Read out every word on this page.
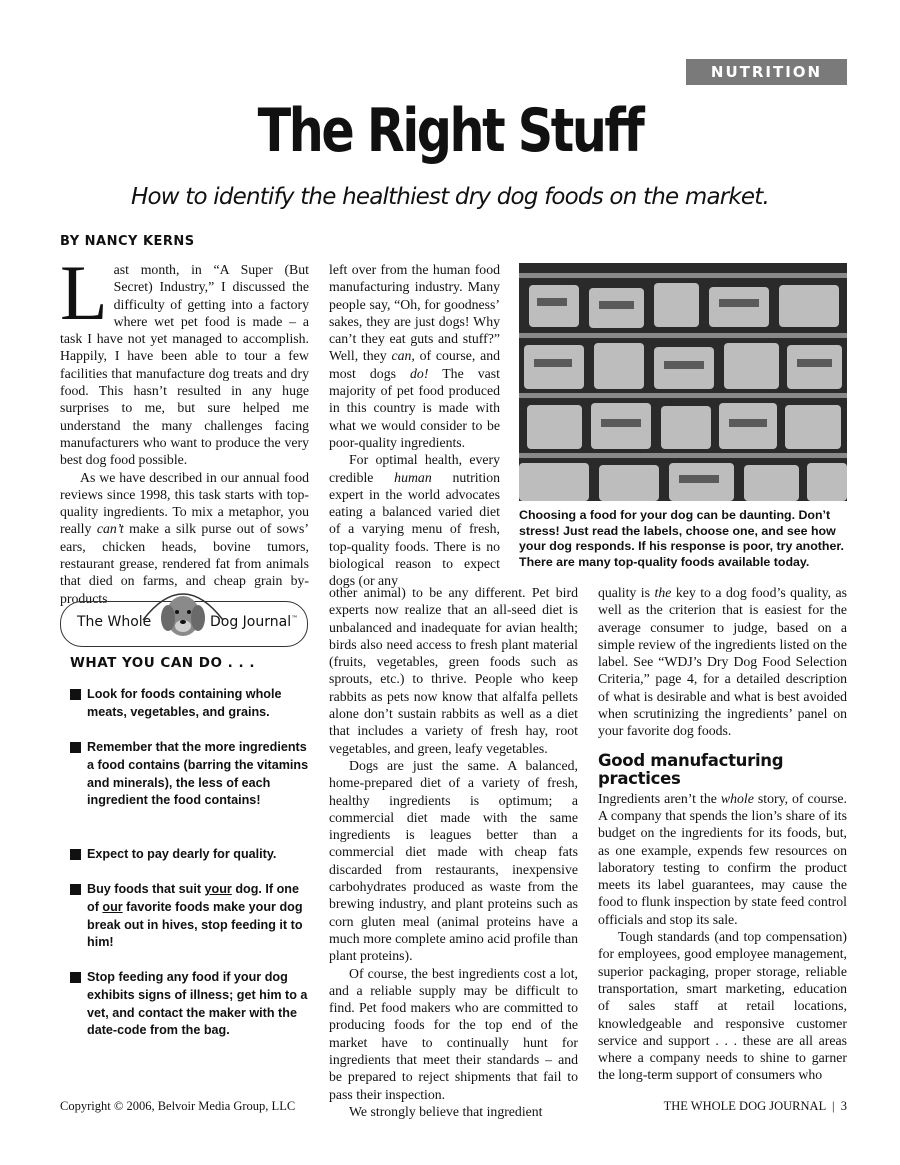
NUTRITION
The Right Stuff
How to identify the healthiest dry dog foods on the market.
BY NANCY KERNS

Last month, in “A Super (But Secret) Industry,” I discussed the difficulty of getting into a factory where wet pet food is made – a task I have not yet managed to accomplish. Happily, I have been able to tour a few facilities that manufacture dog treats and dry food. This hasn’t resulted in any huge surprises to me, but sure helped me understand the many challenges facing manufacturers who want to produce the very best dog food possible.

As we have described in our annual food reviews since 1998, this task starts with top-quality ingredients. To mix a metaphor, you really can’t make a silk purse out of sows’ ears, chicken heads, bovine tumors, restaurant grease, rendered fat from animals that died on farms, and cheap grain by-products

left over from the human food manufacturing industry. Many people say, “Oh, for goodness’ sakes, they are just dogs! Why can’t they eat guts and stuff?” Well, they can, of course, and most dogs do! The vast majority of pet food produced in this country is made with what we would consider to be poor-quality ingredients.

For optimal health, every credible human nutrition expert in the world advocates eating a balanced varied diet of a varying menu of fresh, top-quality foods. There is no biological reason to expect dogs (or any

Choosing a food for your dog can be daunting. Don’t stress! Just read the labels, choose one, and see how your dog responds. If his response is poor, try another. There are many top-quality foods available today.
The Whole	Dog Journal™
WHAT YOU CAN DO . . .
Look for foods containing whole meats, vegetables, and grains.
Remember that the more ingredients a food contains (barring the vitamins and minerals), the less of each ingredient the food contains!
Expect to pay dearly for quality.
Buy foods that suit your dog. If one of our favorite foods make your dog break out in hives, stop feeding it to him!
Stop feeding any food if your dog exhibits signs of illness; get him to a vet, and contact the maker with the date-code from the bag.

other animal) to be any different. Pet bird experts now realize that an all-seed diet is unbalanced and inadequate for avian health; birds also need access to fresh plant material (fruits, vegetables, green foods such as sprouts, etc.) to thrive. People who keep rabbits as pets now know that alfalfa pellets alone don’t sustain rabbits as well as a diet that includes a variety of fresh hay, root vegetables, and green, leafy vegetables.

Dogs are just the same. A balanced, home-prepared diet of a variety of fresh, healthy ingredients is optimum; a commercial diet made with the same ingredients is leagues better than a commercial diet made with cheap fats discarded from restaurants, inexpensive carbohydrates produced as waste from the brewing industry, and plant proteins such as corn gluten meal (animal proteins have a much more complete amino acid profile than plant proteins).

Of course, the best ingredients cost a lot, and a reliable supply may be difficult to find. Pet food makers who are committed to producing foods for the top end of the market have to continually hunt for ingredients that meet their standards – and be prepared to reject shipments that fail to pass their inspection.

We strongly believe that ingredient

quality is the key to a dog food’s quality, as well as the criterion that is easiest for the average consumer to judge, based on a simple review of the ingredients listed on the label. See “WDJ’s Dry Dog Food Selection Criteria,” page 4, for a detailed description of what is desirable and what is best avoided when scrutinizing the ingredients’ panel on your favorite dog foods.

Good manufacturing practices

Ingredients aren’t the whole story, of course. A company that spends the lion’s share of its budget on the ingredients for its foods, but, as one example, expends few resources on laboratory testing to confirm the product meets its label guarantees, may cause the food to flunk inspection by state feed control officials and stop its sale.

Tough standards (and top compensation) for employees, good employee management, superior packaging, proper storage, reliable transportation, smart marketing, education of sales staff at retail locations, knowledgeable and responsive customer service and support . . . these are all areas where a company needs to shine to garner the long-term support of consumers who

Copyright © 2006, Belvoir Media Group, LLC	THE WHOLE DOG JOURNAL  |  3
